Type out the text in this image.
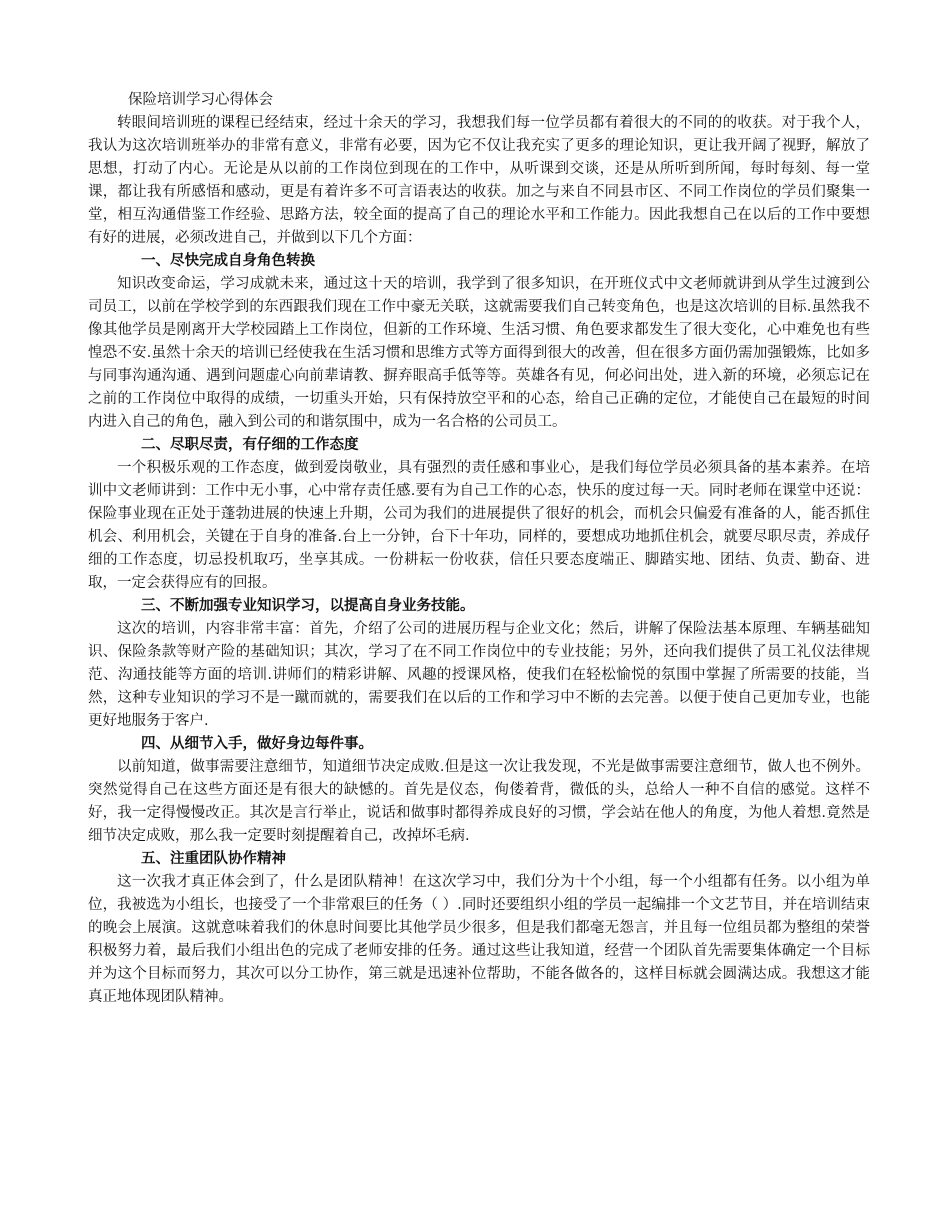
保险培训学习心得体会

转眼间培训班的课程已经结束，经过十余天的学习，我想我们每一位学员都有着很大的不同的的收获。对于我个人，我认为这次培训班举办的非常有意义，非常有必要，因为它不仅让我充实了更多的理论知识，更让我开阔了视野，解放了思想，打动了内心。无论是从以前的工作岗位到现在的工作中，从听课到交谈，还是从所听到所闻，每时每刻、每一堂课，都让我有所感悟和感动，更是有着许多不可言语表达的收获。加之与来自不同县市区、不同工作岗位的学员们聚集一堂，相互沟通借鉴工作经验、思路方法，较全面的提高了自己的理论水平和工作能力。因此我想自己在以后的工作中要想有好的进展，必须改进自己，并做到以下几个方面：

一、尽快完成自身角色转换

知识改变命运，学习成就未来，通过这十天的培训，我学到了很多知识，在开班仪式中文老师就讲到从学生过渡到公司员工，以前在学校学到的东西跟我们现在工作中豪无关联，这就需要我们自己转变角色，也是这次培训的目标.虽然我不像其他学员是刚离开大学校园踏上工作岗位，但新的工作环境、生活习惯、角色要求都发生了很大变化，心中难免也有些惶恐不安.虽然十余天的培训已经使我在生活习惯和思维方式等方面得到很大的改善，但在很多方面仍需加强锻炼，比如多与同事沟通沟通、遇到问题虚心向前辈请教、摒弃眼高手低等等。英雄各有见，何必问出处，进入新的环境，必须忘记在之前的工作岗位中取得的成绩，一切重头开始，只有保持放空平和的心态，给自己正确的定位，才能使自己在最短的时间内进入自己的角色，融入到公司的和谐氛围中，成为一名合格的公司员工。

二、尽职尽责，有仔细的工作态度

一个积极乐观的工作态度，做到爱岗敬业，具有强烈的责任感和事业心，是我们每位学员必须具备的基本素养。在培训中文老师讲到：工作中无小事，心中常存责任感.要有为自己工作的心态，快乐的度过每一天。同时老师在课堂中还说：保险事业现在正处于蓬勃进展的快速上升期，公司为我们的进展提供了很好的机会，而机会只偏爱有准备的人，能否抓住机会、利用机会，关键在于自身的准备.台上一分钟，台下十年功，同样的，要想成功地抓住机会，就要尽职尽责，养成仔细的工作态度，切忌投机取巧，坐享其成。一份耕耘一份收获，信任只要态度端正、脚踏实地、团结、负责、勤奋、进取，一定会获得应有的回报。

三、不断加强专业知识学习，以提高自身业务技能。

这次的培训，内容非常丰富：首先，介绍了公司的进展历程与企业文化；然后，讲解了保险法基本原理、车辆基础知识、保险条款等财产险的基础知识；其次，学习了在不同工作岗位中的专业技能；另外，还向我们提供了员工礼仪法律规范、沟通技能等方面的培训.讲师们的精彩讲解、风趣的授课风格，使我们在轻松愉悦的氛围中掌握了所需要的技能，当然，这种专业知识的学习不是一蹴而就的，需要我们在以后的工作和学习中不断的去完善。以便于使自己更加专业，也能更好地服务于客户.

四、从细节入手，做好身边每件事。

以前知道，做事需要注意细节，知道细节决定成败.但是这一次让我发现，不光是做事需要注意细节，做人也不例外。突然觉得自己在这些方面还是有很大的缺憾的。首先是仪态，佝偻着背，微低的头，总给人一种不自信的感觉。这样不好，我一定得慢慢改正。其次是言行举止，说话和做事时都得养成良好的习惯，学会站在他人的角度，为他人着想.竟然是细节决定成败，那么我一定要时刻提醒着自己，改掉坏毛病.

五、注重团队协作精神

这一次我才真正体会到了，什么是团队精神！在这次学习中，我们分为十个小组，每一个小组都有任务。以小组为单位，我被选为小组长，也接受了一个非常艰巨的任务（ ）.同时还要组织小组的学员一起编排一个文艺节目，并在培训结束的晚会上展演。这就意味着我们的休息时间要比其他学员少很多，但是我们都毫无怨言，并且每一位组员都为整组的荣誉积极努力着，最后我们小组出色的完成了老师安排的任务。通过这些让我知道，经营一个团队首先需要集体确定一个目标并为这个目标而努力，其次可以分工协作，第三就是迅速补位帮助，不能各做各的，这样目标就会圆满达成。我想这才能真正地体现团队精神。
